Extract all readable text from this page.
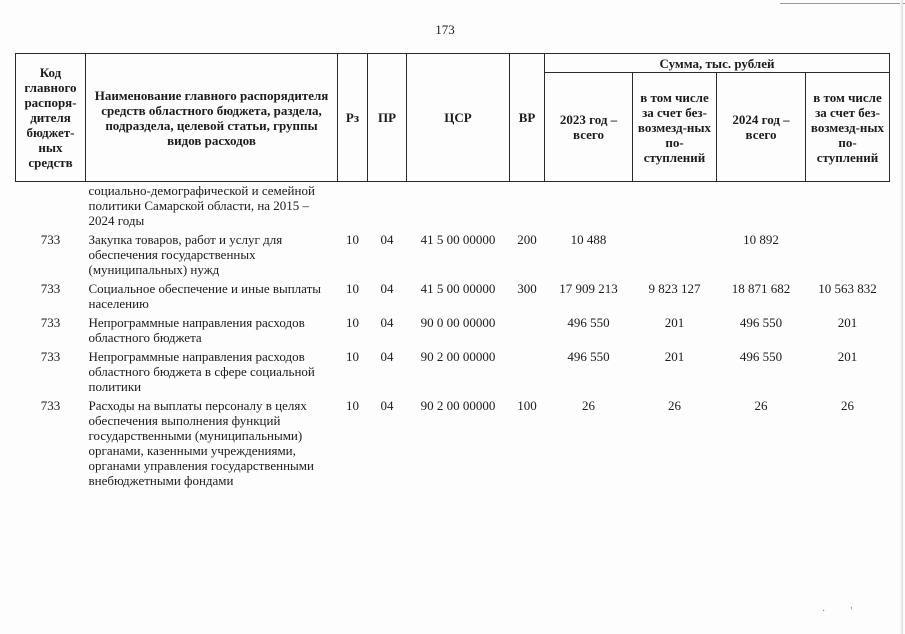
173
Код главного распоря-дителя бюджет-ных средств	Наименование главного распорядителя средств областного бюджета, раздела, подраздела, целевой статьи, группы видов расходов	Рз	ПР	ЦСР	ВР	Сумма, тыс. рублей			
						2023 год – всего	в том числе за счет без-возмезд-ных по-ступлений	2024 год – всего	в том числе за счет без-возмезд-ных по-ступлений
	социально-демографической и семейной политики Самарской области, на 2015 – 2024 годы								
733	Закупка товаров, работ и услуг для обеспечения государственных (муниципальных) нужд	10	04	41 5 00 00000	200	10 488		10 892	
733	Социальное обеспечение и иные выплаты населению	10	04	41 5 00 00000	300	17 909 213	9 823 127	18 871 682	10 563 832
733	Непрограммные направления расходов областного бюджета	10	04	90 0 00 00000		496 550	201	496 550	201
733	Непрограммные направления расходов областного бюджета в сфере социальной политики	10	04	90 2 00 00000		496 550	201	496 550	201
733	Расходы на выплаты персоналу в целях обеспечения выполнения функций государственными (муниципальными) органами, казенными учреждениями, органами управления государственными внебюджетными фондами	10	04	90 2 00 00000	100	26	26	26	26
·          '
